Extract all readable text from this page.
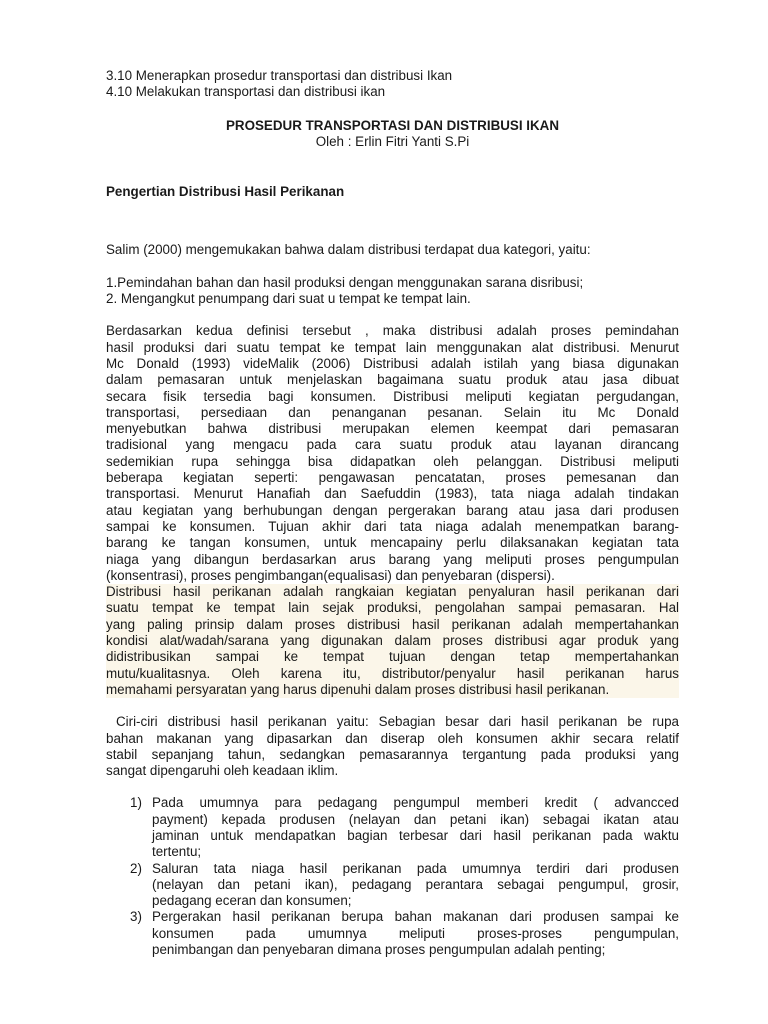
3.10 Menerapkan prosedur transportasi dan distribusi Ikan

4.10 Melakukan transportasi dan distribusi ikan

PROSEDUR TRANSPORTASI DAN DISTRIBUSI IKAN

Oleh : Erlin Fitri Yanti S.Pi

Pengertian Distribusi Hasil Perikanan

Salim (2000) mengemukakan bahwa dalam distribusi terdapat dua kategori, yaitu:

1.Pemindahan bahan dan hasil produksi dengan menggunakan sarana disribusi;

2. Mengangkut penumpang dari suat u tempat ke tempat lain.

Berdasarkan kedua definisi tersebut , maka distribusi adalah proses pemindahan

hasil produksi dari suatu tempat ke tempat lain menggunakan alat distribusi. Menurut

Mc Donald (1993) videMalik (2006) Distribusi adalah istilah yang biasa digunakan

dalam pemasaran untuk menjelaskan bagaimana suatu produk atau jasa dibuat

secara fisik tersedia bagi konsumen. Distribusi meliputi kegiatan pergudangan,

transportasi, persediaan dan penanganan pesanan. Selain itu Mc Donald

menyebutkan bahwa distribusi merupakan elemen keempat dari pemasaran

tradisional yang mengacu pada cara suatu produk atau layanan dirancang

sedemikian rupa sehingga bisa didapatkan oleh pelanggan. Distribusi meliputi

beberapa kegiatan seperti: pengawasan pencatatan, proses pemesanan dan

transportasi. Menurut Hanafiah dan Saefuddin (1983), tata niaga adalah tindakan

atau kegiatan yang berhubungan dengan pergerakan barang atau jasa dari produsen

sampai ke konsumen. Tujuan akhir dari tata niaga adalah menempatkan barang-

barang ke tangan konsumen, untuk mencapainy perlu dilaksanakan kegiatan tata

niaga yang dibangun berdasarkan arus barang yang meliputi proses pengumpulan

(konsentrasi), proses pengimbangan(equalisasi) dan penyebaran (dispersi).

Distribusi hasil perikanan adalah rangkaian kegiatan penyaluran hasil perikanan dari

suatu tempat ke tempat lain sejak produksi, pengolahan sampai pemasaran. Hal

yang paling prinsip dalam proses distribusi hasil perikanan adalah mempertahankan

kondisi alat/wadah/sarana yang digunakan dalam proses distribusi agar produk yang

didistribusikan sampai ke tempat tujuan dengan tetap mempertahankan

mutu/kualitasnya. Oleh karena itu, distributor/penyalur hasil perikanan harus

memahami persyaratan yang harus dipenuhi dalam proses distribusi hasil perikanan.

Ciri-ciri distribusi hasil perikanan yaitu: Sebagian besar dari hasil perikanan be rupa

bahan makanan yang dipasarkan dan diserap oleh konsumen akhir secara relatif

stabil sepanjang tahun, sedangkan pemasarannya tergantung pada produksi yang

sangat dipengaruhi oleh keadaan iklim.

1) Pada umumnya para pedagang pengumpul memberi kredit ( advancced
payment) kepada produsen (nelayan dan petani ikan) sebagai ikatan atau
jaminan untuk mendapatkan bagian terbesar dari hasil perikanan pada waktu
tertentu;
2) Saluran tata niaga hasil perikanan pada umumnya terdiri dari produsen
(nelayan dan petani ikan), pedagang perantara sebagai pengumpul, grosir,
pedagang eceran dan konsumen;
3) Pergerakan hasil perikanan berupa bahan makanan dari produsen sampai ke
konsumen pada umumnya meliputi proses-proses pengumpulan,
penimbangan dan penyebaran dimana proses pengumpulan adalah penting;
